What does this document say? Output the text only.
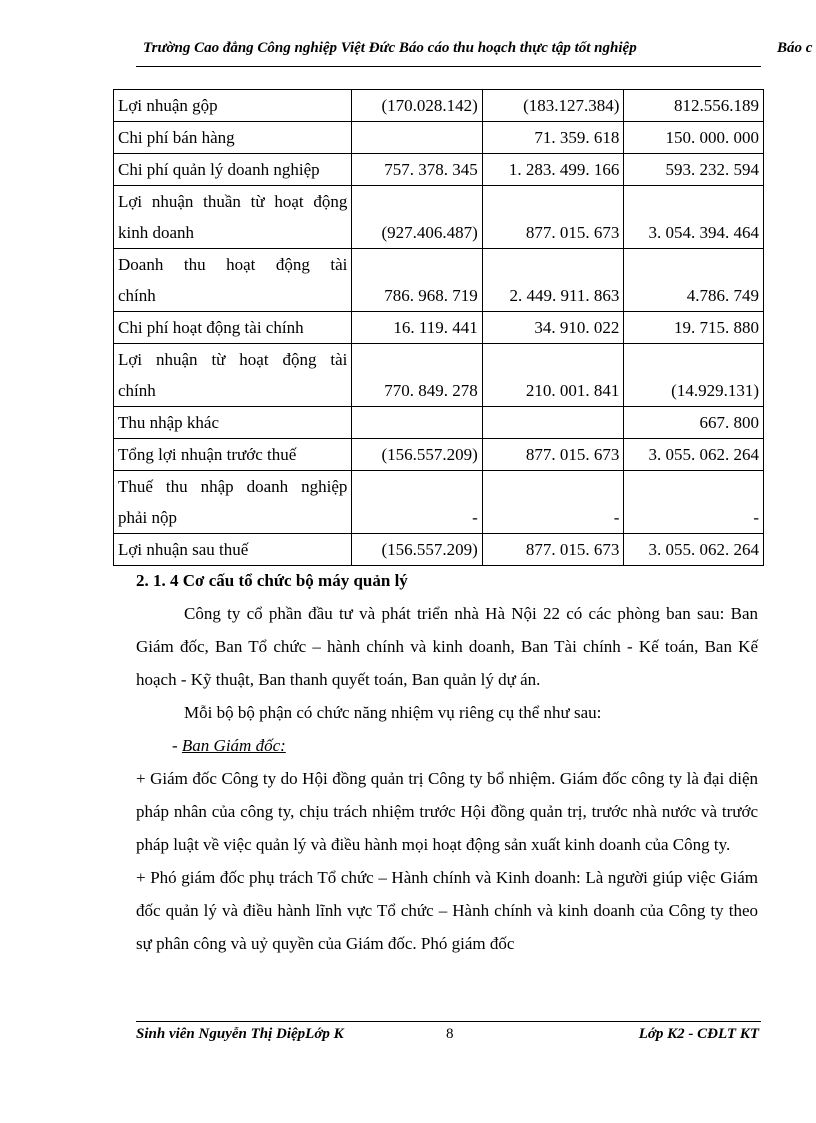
Trường Cao đẳng Công nghiệp Việt Đức Báo cáo thu hoạch thực tập tốt nghiệp	Báo c
Lợi nhuận gộp	(170.028.142)	(183.127.384)	812.556.189
Chi phí bán hàng		71. 359. 618	150. 000. 000
Chi phí quản lý doanh nghiệp	757. 378. 345	1. 283. 499. 166	593. 232. 594

Lợi nhuận thuần từ hoạt động
kinh doanh	(927.406.487)	877. 015. 673	3. 054. 394. 464

Doanh thu hoạt động tài
chính	786. 968. 719	2. 449. 911. 863	4.786. 749
Chi phí hoạt động tài chính	16. 119. 441	34. 910. 022	19. 715. 880

Lợi nhuận từ hoạt động tài
chính	770. 849. 278	210. 001. 841	(14.929.131)
Thu nhập khác			667. 800
Tổng lợi nhuận trước thuế	(156.557.209)	877. 015. 673	3. 055. 062. 264

Thuế thu nhập doanh nghiệp
phải nộp	-	-	-
Lợi nhuận sau thuế	(156.557.209)	877. 015. 673	3. 055. 062. 264
2. 1. 4 Cơ cấu tổ chức bộ máy quản lý

Công ty cổ phần đầu tư và phát triển nhà Hà Nội 22 có các phòng ban sau: Ban Giám đốc, Ban Tổ chức – hành chính và kinh doanh, Ban Tài chính - Kế toán, Ban Kế hoạch - Kỹ thuật, Ban thanh quyết toán, Ban quản lý dự án.

Mỗi bộ bộ phận có chức năng nhiệm vụ riêng cụ thể như sau:

- Ban Giám đốc:

+ Giám đốc Công ty do Hội đồng quản trị Công ty bổ nhiệm. Giám đốc công ty là đại diện pháp nhân của công ty, chịu trách nhiệm trước Hội đồng quản trị, trước nhà nước và trước pháp luật về việc quản lý và điều hành mọi hoạt động sản xuất kinh doanh của Công ty.

+ Phó giám đốc phụ trách Tổ chức – Hành chính và Kinh doanh: Là người giúp việc Giám đốc quản lý và điều hành lĩnh vực Tổ chức – Hành chính và kinh doanh của Công ty theo sự phân công và uỷ quyền của Giám đốc. Phó giám đốc

Sinh viên Nguyễn Thị DiệpLớp K	8	Lớp K2 - CĐLT KT
